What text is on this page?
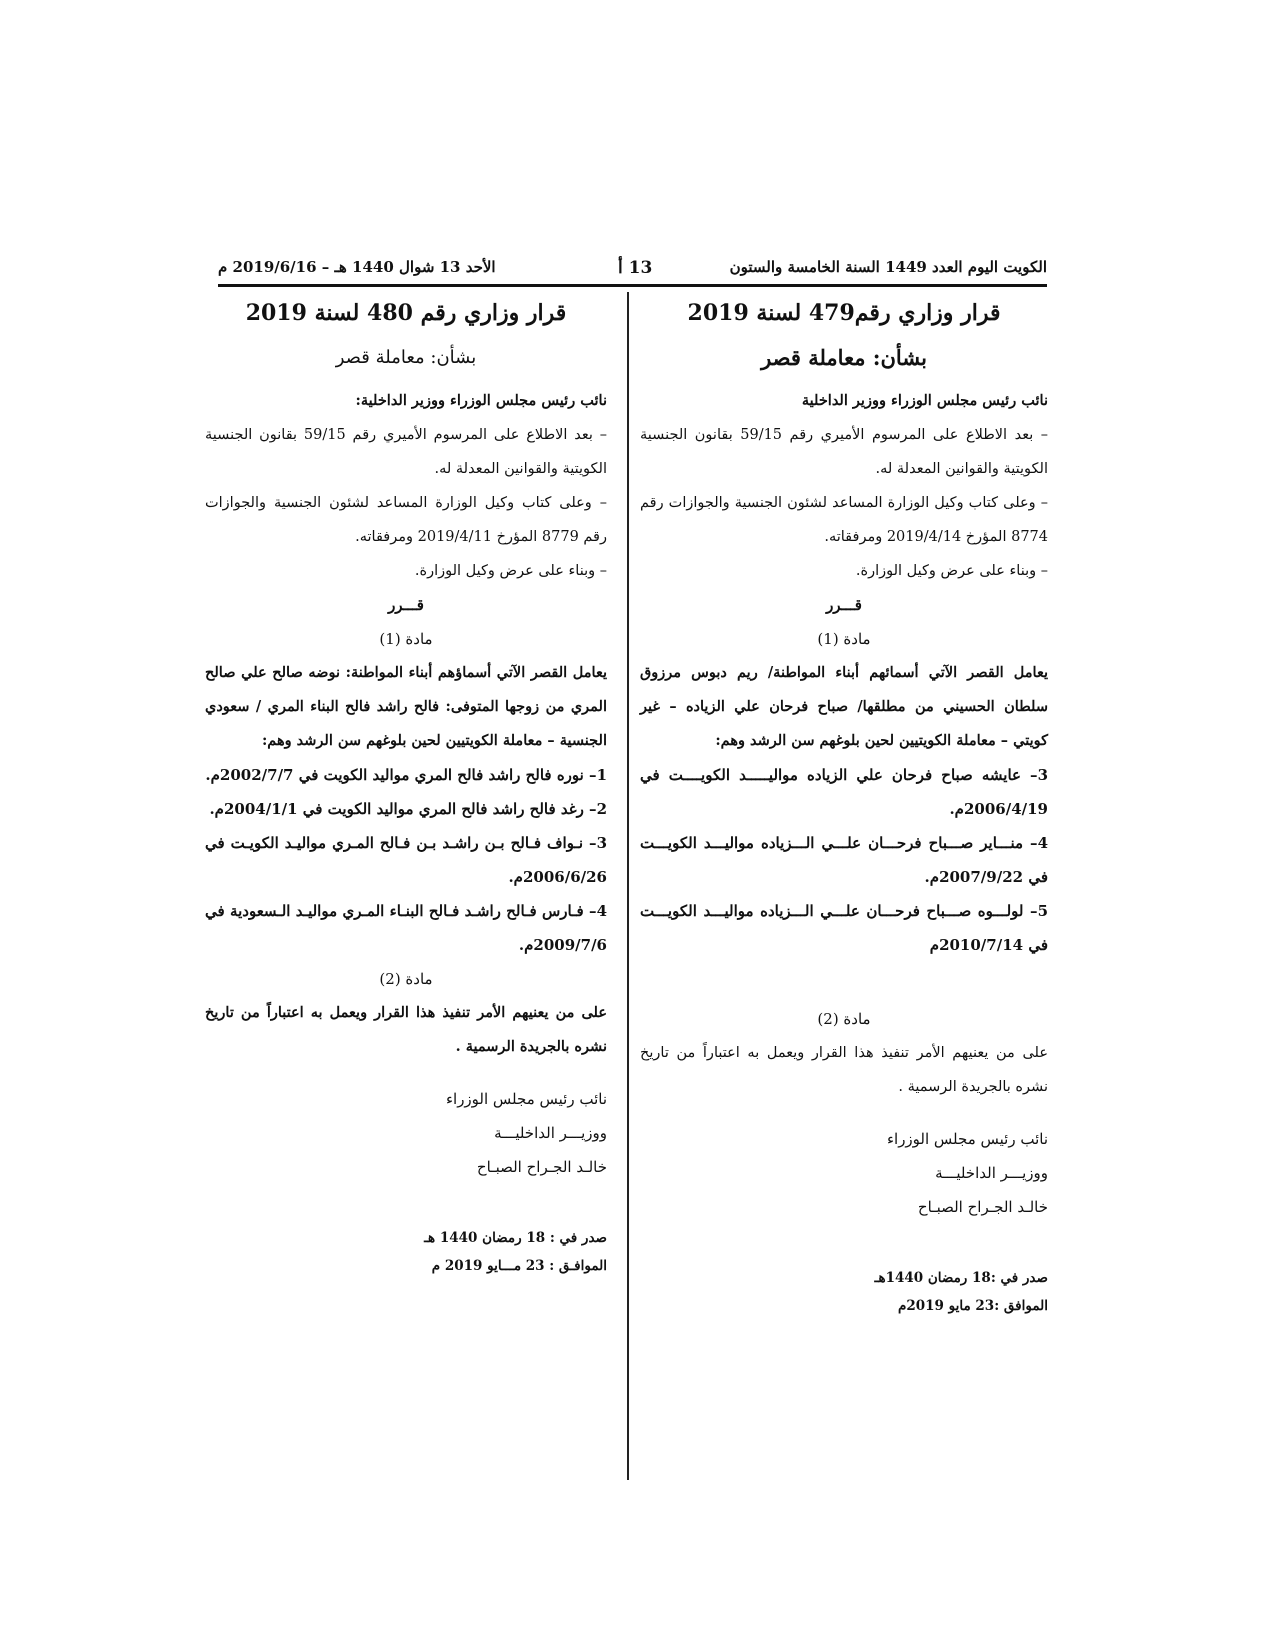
الكويت اليوم العدد 1449 السنة الخامسة والستون
13 أ
الأحد 13 شوال 1440 هـ – 2019/6/16 م
قرار وزاري رقم479 لسنة 2019
بشأن: معاملة قصر

نائب رئيس مجلس الوزراء ووزير الداخلية

– بعد الاطلاع على المرسوم الأميري رقم 59/15 بقانون الجنسية الكويتية والقوانين المعدلة له.

– وعلى كتاب وكيل الوزارة المساعد لشئون الجنسية والجوازات رقم 8774 المؤرخ 2019/4/14 ومرفقاته.

– وبناء على عرض وكيل الوزارة.

قـــرر

مادة (1)

يعامل القصر الآتي أسمائهم أبناء المواطنة/ ريم دبوس مرزوق سلطان الحسيني من مطلقها/ صباح فرحان علي الزياده – غير كويتي – معاملة الكويتيين لحين بلوغهم سن الرشد وهم:

3– عايشه صباح فرحان علي الزياده مواليـــــد الكويــــت في 2006/4/19م.

4– منـــاير صـــباح فرحـــان علـــي الـــزياده مواليـــد الكويـــت في 2007/9/22م.

5– لولـــوه صـــباح فرحـــان علـــي الـــزياده مواليـــد الكويـــت في 2010/7/14م

مادة (2)

على من يعنيهم الأمر تنفيذ هذا القرار ويعمل به اعتباراً من تاريخ نشره بالجريدة الرسمية .

نائب رئيس مجلس الوزراء

ووزيـــر الداخليـــة

خالـد الجـراح الصبـاح

صدر في :18 رمضان 1440هـ

الموافق :23 مايو 2019م

قرار وزاري رقم 480 لسنة 2019
بشأن: معاملة قصر

نائب رئيس مجلس الوزراء ووزير الداخلية:

– بعد الاطلاع على المرسوم الأميري رقم 59/15 بقانون الجنسية الكويتية والقوانين المعدلة له.

– وعلى كتاب وكيل الوزارة المساعد لشئون الجنسية والجوازات رقم 8779 المؤرخ 2019/4/11 ومرفقاته.

– وبناء على عرض وكيل الوزارة.

قـــرر

مادة (1)

يعامل القصر الآتي أسماؤهم أبناء المواطنة: نوضه صالح علي صالح المري من زوجها المتوفى: فالح راشد فالح البناء المري / سعودي الجنسية – معاملة الكويتيين لحين بلوغهم سن الرشد وهم:

1– نوره فالح راشد فالح المري مواليد الكويت في 2002/7/7م.

2– رغد فالح راشد فالح المري مواليد الكويت في 2004/1/1م.

3– نـواف فـالح بـن راشـد بـن فـالح المـري مواليـد الكويـت في 2006/6/26م.

4– فـارس فـالح راشـد فـالح البنـاء المـري مواليـد الـسعودية في 2009/7/6م.

مادة (2)

على من يعنيهم الأمر تنفيذ هذا القرار ويعمل به اعتباراً من تاريخ نشره بالجريدة الرسمية .

نائب رئيس مجلس الوزراء

ووزيـــر الداخليـــة

خالـد الجـراح الصبـاح

صدر في : 18 رمضان 1440 هـ

الموافـق : 23 مـــايو 2019 م
